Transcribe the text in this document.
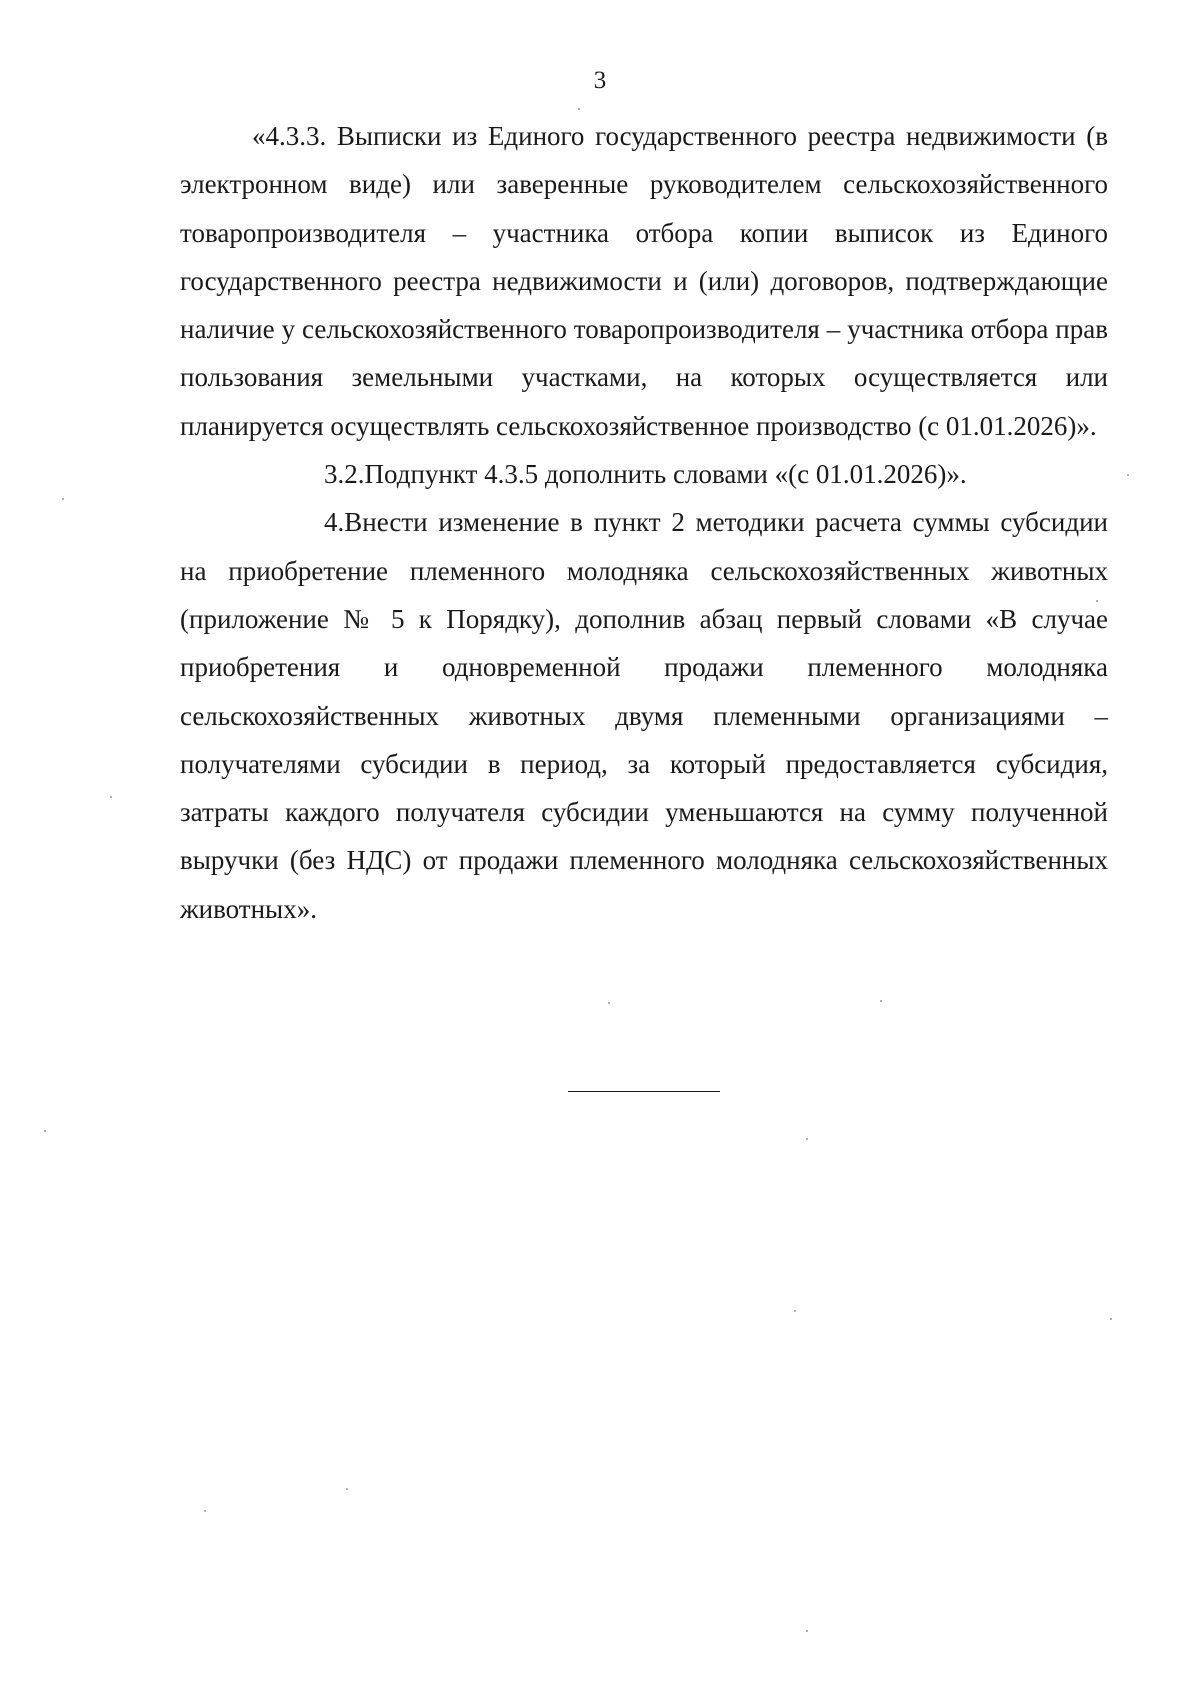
3

«4.3.3. Выписки из Единого государственного реестра недвижимости (в электронном виде) или заверенные руководителем сельскохозяйственного товаропроизводителя – участника отбора копии выписок из Единого государственного реестра недвижимости и (или) договоров, подтверждающие наличие у сельскохозяйственного товаропроизводителя – участника отбора прав пользования земельными участками, на которых осуществляется или планируется осуществлять сельскохозяйственное производство (с 01.01.2026)».

3.2.Подпункт 4.3.5 дополнить словами «(с 01.01.2026)».

4.Внести изменение в пункт 2 методики расчета суммы субсидии на приобретение племенного молодняка сельскохозяйственных животных (приложение № 5 к Порядку), дополнив абзац первый словами «В случае приобретения и одновременной продажи племенного молодняка сельскохозяйственных животных двумя племенными организациями – получателями субсидии в период, за который предоставляется субсидия, затраты каждого получателя субсидии уменьшаются на сумму полученной выручки (без НДС) от продажи племенного молодняка сельскохозяйственных животных».
